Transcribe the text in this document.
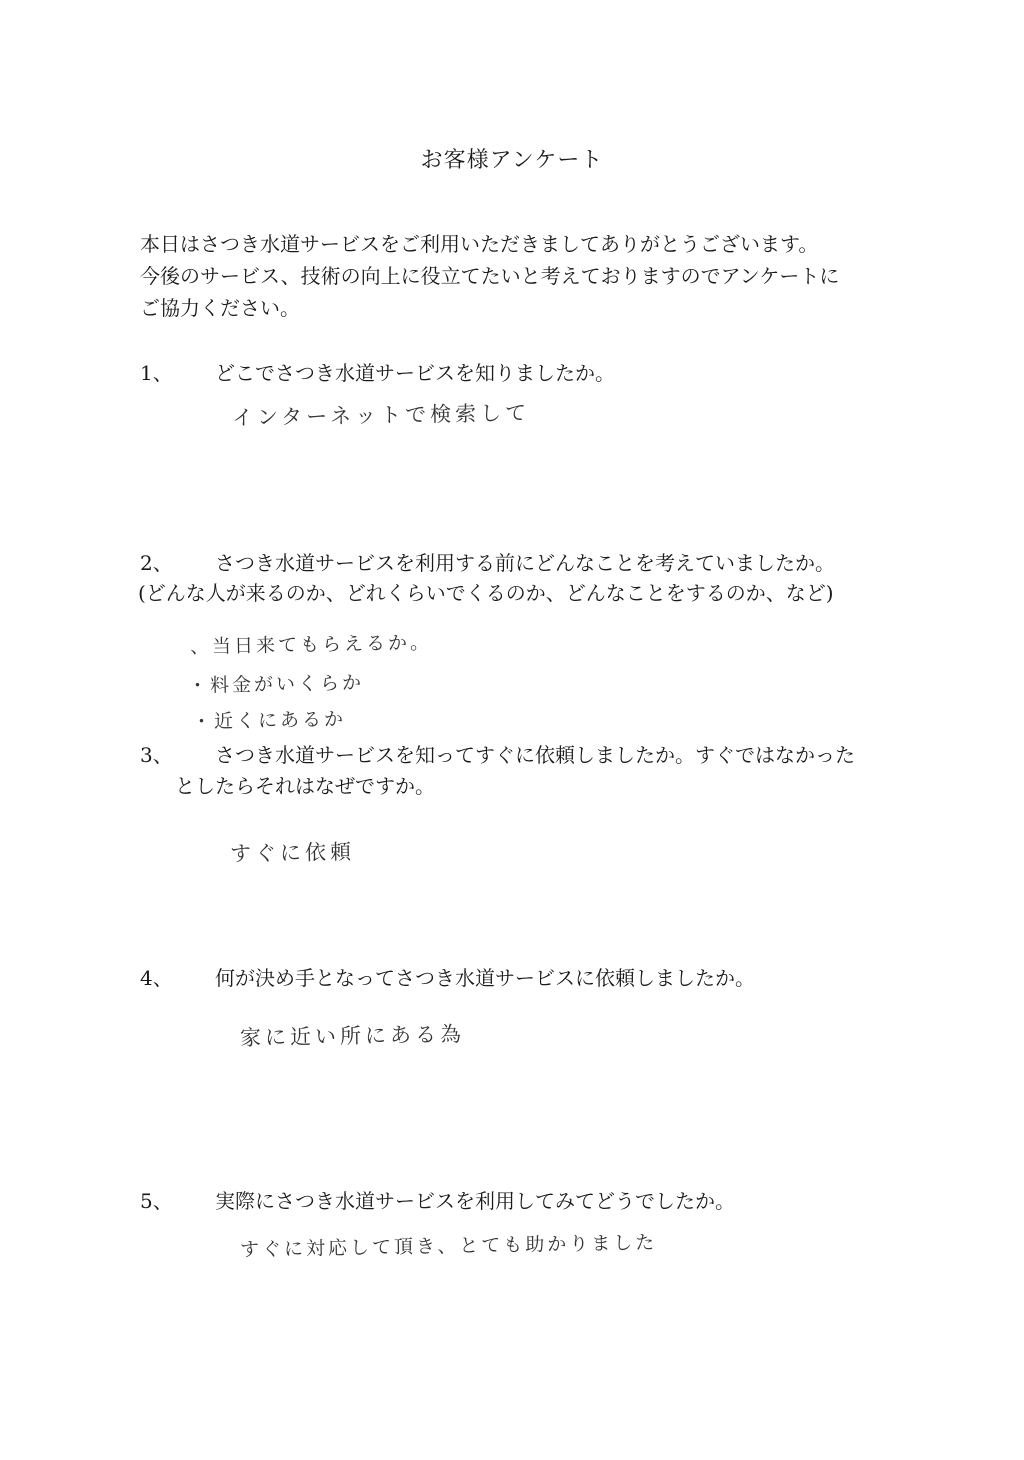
お客様アンケート
本日はさつき水道サービスをご利用いただきましてありがとうございます。
今後のサービス、技術の向上に役立てたいと考えておりますのでアンケートに
ご協力ください。
1、 どこでさつき水道サービスを知りましたか。
インターネットで検索して
2、 さつき水道サービスを利用する前にどんなことを考えていましたか。
(どんな人が来るのか、どれくらいでくるのか、どんなことをするのか、など)
、当日来てもらえるか。
・料金がいくらか
・近くにあるか
3、 さつき水道サービスを知ってすぐに依頼しましたか。すぐではなかった
としたらそれはなぜですか。
すぐに依頼
4、 何が決め手となってさつき水道サービスに依頼しましたか。
家に近い所にある為
5、 実際にさつき水道サービスを利用してみてどうでしたか。
すぐに対応して頂き、とても助かりました
